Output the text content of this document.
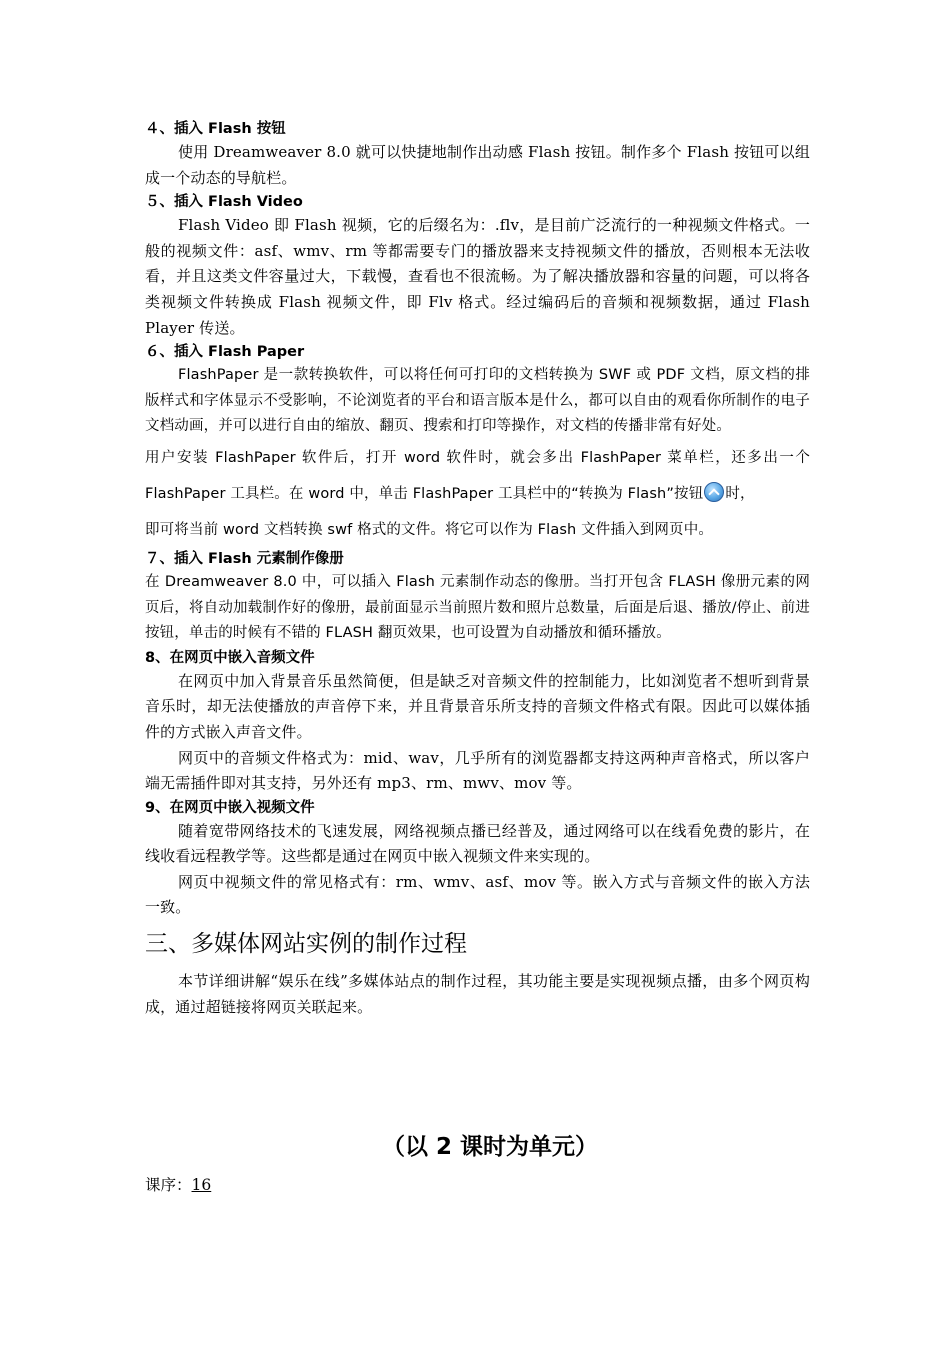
４、插入 Flash 按钮

使用 Dreamweaver 8.0 就可以快捷地制作出动感 Flash 按钮。制作多个 Flash 按钮可以组成一个动态的导航栏。

５、插入 Flash Video

Flash Video 即 Flash 视频，它的后缀名为：.flv，是目前广泛流行的一种视频文件格式。一般的视频文件：asf、wmv、rm 等都需要专门的播放器来支持视频文件的播放，否则根本无法收看，并且这类文件容量过大，下载慢，查看也不很流畅。为了解决播放器和容量的问题，可以将各类视频文件转换成 Flash 视频文件，即 Flv 格式。经过编码后的音频和视频数据，通过 Flash Player 传送。

６、插入 Flash Paper

FlashPaper 是一款转换软件，可以将任何可打印的文档转换为 SWF 或 PDF 文档，原文档的排版样式和字体显示不受影响，不论浏览者的平台和语言版本是什么，都可以自由的观看你所制作的电子文档动画，并可以进行自由的缩放、翻页、搜索和打印等操作，对文档的传播非常有好处。

用户安装 FlashPaper 软件后，打开 word 软件时，就会多出 FlashPaper 菜单栏，还多出一个 FlashPaper 工具栏。在 word 中，单击 FlashPaper 工具栏中的“转换为 Flash”按钮 时，

即可将当前 word 文档转换 swf 格式的文件。将它可以作为 Flash 文件插入到网页中。

７、插入 Flash 元素制作像册

在 Dreamweaver 8.0 中，可以插入 Flash 元素制作动态的像册。当打开包含 FLASH 像册元素的网页后，将自动加载制作好的像册，最前面显示当前照片数和照片总数量，后面是后退、播放/停止、前进按钮，单击的时候有不错的 FLASH 翻页效果，也可设置为自动播放和循环播放。

8、在网页中嵌入音频文件

在网页中加入背景音乐虽然简便，但是缺乏对音频文件的控制能力，比如浏览者不想听到背景音乐时，却无法使播放的声音停下来，并且背景音乐所支持的音频文件格式有限。因此可以媒体插件的方式嵌入声音文件。

网页中的音频文件格式为：mid、wav，几乎所有的浏览器都支持这两种声音格式，所以客户端无需插件即对其支持，另外还有 mp3、rm、mwv、mov 等。

9、在网页中嵌入视频文件

随着宽带网络技术的飞速发展，网络视频点播已经普及，通过网络可以在线看免费的影片，在线收看远程教学等。这些都是通过在网页中嵌入视频文件来实现的。

网页中视频文件的常见格式有：rm、wmv、asf、mov 等。嵌入方式与音频文件的嵌入方法一致。

三、多媒体网站实例的制作过程

本节详细讲解“娱乐在线”多媒体站点的制作过程，其功能主要是实现视频点播，由多个网页构成，通过超链接将网页关联起来。

（以 2 课时为单元）

课序：16
